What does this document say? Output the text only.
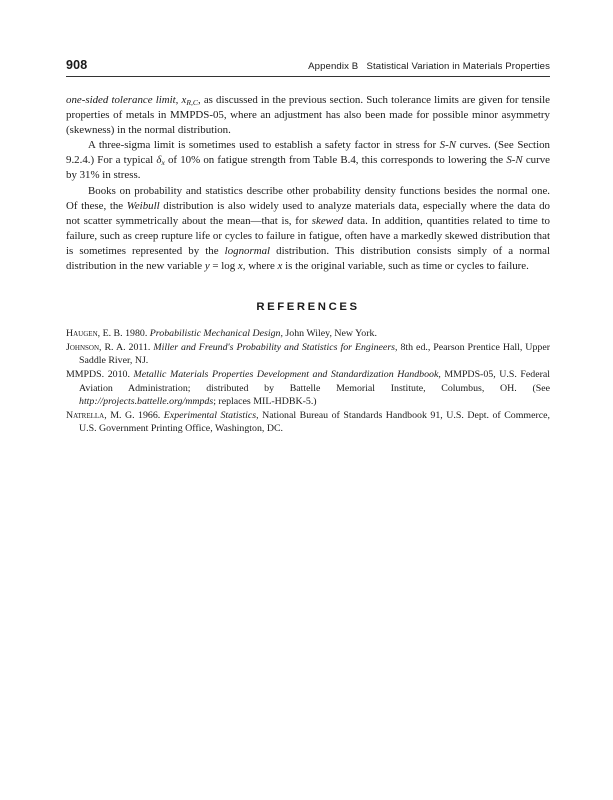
908	Appendix B   Statistical Variation in Materials Properties

one-sided tolerance limit, $x_{R,C}$, as discussed in the previous section. Such tolerance limits are given for tensile properties of metals in MMPDS-05, where an adjustment has also been made for possible minor asymmetry (skewness) in the normal distribution.

A three-sigma limit is sometimes used to establish a safety factor in stress for S-N curves. (See Section 9.2.4.) For a typical $\delta_x$ of 10% on fatigue strength from Table B.4, this corresponds to lowering the S-N curve by 31% in stress.

Books on probability and statistics describe other probability density functions besides the normal one. Of these, the Weibull distribution is also widely used to analyze materials data, especially where the data do not scatter symmetrically about the mean—that is, for skewed data. In addition, quantities related to time to failure, such as creep rupture life or cycles to failure in fatigue, often have a markedly skewed distribution that is sometimes represented by the lognormal distribution. This distribution consists simply of a normal distribution in the new variable y = log x, where x is the original variable, such as time or cycles to failure.

REFERENCES

Haugen, E. B. 1980. Probabilistic Mechanical Design, John Wiley, New York.

Johnson, R. A. 2011. Miller and Freund's Probability and Statistics for Engineers, 8th ed., Pearson Prentice Hall, Upper Saddle River, NJ.

MMPDS. 2010. Metallic Materials Properties Development and Standardization Handbook, MMPDS-05, U.S. Federal Aviation Administration; distributed by Battelle Memorial Institute, Columbus, OH. (See http://projects.battelle.org/mmpds; replaces MIL-HDBK-5.)

Natrella, M. G. 1966. Experimental Statistics, National Bureau of Standards Handbook 91, U.S. Dept. of Commerce, U.S. Government Printing Office, Washington, DC.
